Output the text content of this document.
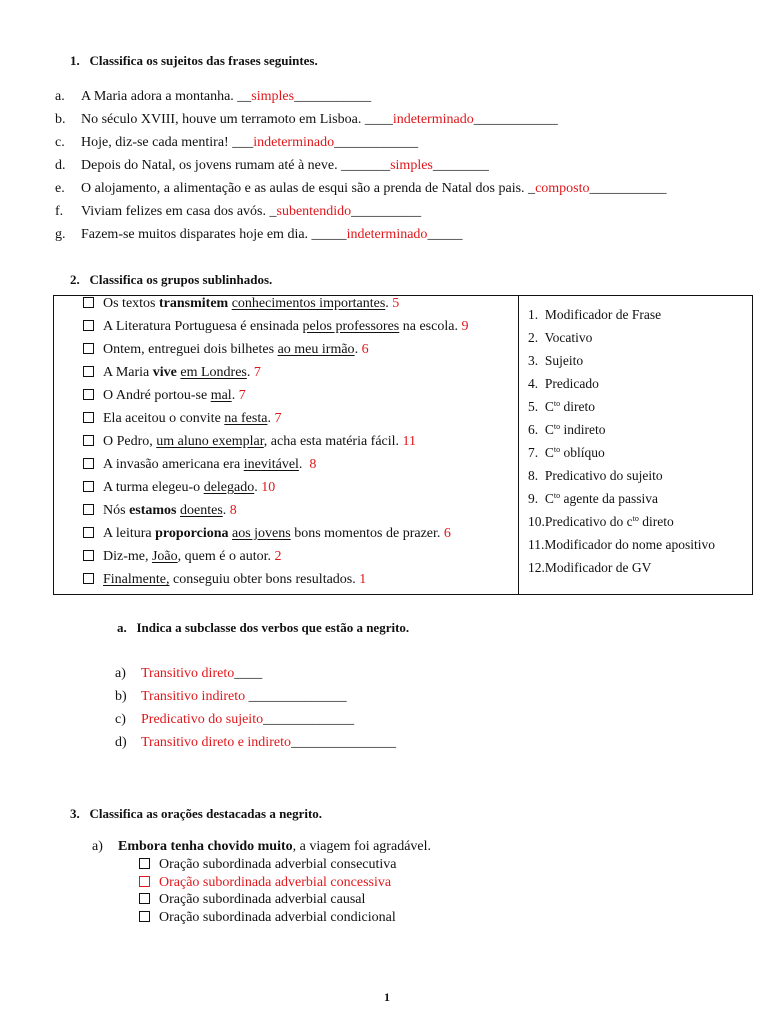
1. Classifica os sujeitos das frases seguintes.
a. A Maria adora a montanha. __simples___________
b. No século XVIII, houve um terramoto em Lisboa. ____indeterminado____________
c. Hoje, diz-se cada mentira! ___indeterminado____________
d. Depois do Natal, os jovens rumam até à neve. _______simples________
e. O alojamento, a alimentação e as aulas de esqui são a prenda de Natal dos pais. _composto___________
f. Viviam felizes em casa dos avós. _subentendido__________
g. Fazem-se muitos disparates hoje em dia. _____indeterminado_____
2. Classifica os grupos sublinhados.
Os textos transmitem conhecimentos importantes. 5
A Literatura Portuguesa é ensinada pelos professores na escola. 9
Ontem, entreguei dois bilhetes ao meu irmão. 6
A Maria vive em Londres. 7
O André portou-se mal. 7
Ela aceitou o convite na festa. 7
O Pedro, um aluno exemplar, acha esta matéria fácil. 11
A invasão americana era inevitável. 8
A turma elegeu-o delegado. 10
Nós estamos doentes. 8
A leitura proporciona aos jovens bons momentos de prazer. 6
Diz-me, João, quem é o autor. 2
Finalmente, conseguiu obter bons resultados. 1
1. Modificador de Frase
2. Vocativo
3. Sujeito
4. Predicado
5. $C^{to}$ direto
6. $C^{to}$ indireto
7. $C^{to}$ oblíquo
8. Predicativo do sujeito
9. $C^{to}$ agente da passiva
10.Predicativo do $c^{to}$ direto
11.Modificador do nome apositivo
12.Modificador de GV
a. Indica a subclasse dos verbos que estão a negrito.
a) Transitivo direto____
b) Transitivo indireto ______________
c) Predicativo do sujeito_____________
d) Transitivo direto e indireto_______________
3. Classifica as orações destacadas a negrito.
a) Embora tenha chovido muito, a viagem foi agradável.
Oração subordinada adverbial consecutiva
Oração subordinada adverbial concessiva
Oração subordinada adverbial causal
Oração subordinada adverbial condicional
1
